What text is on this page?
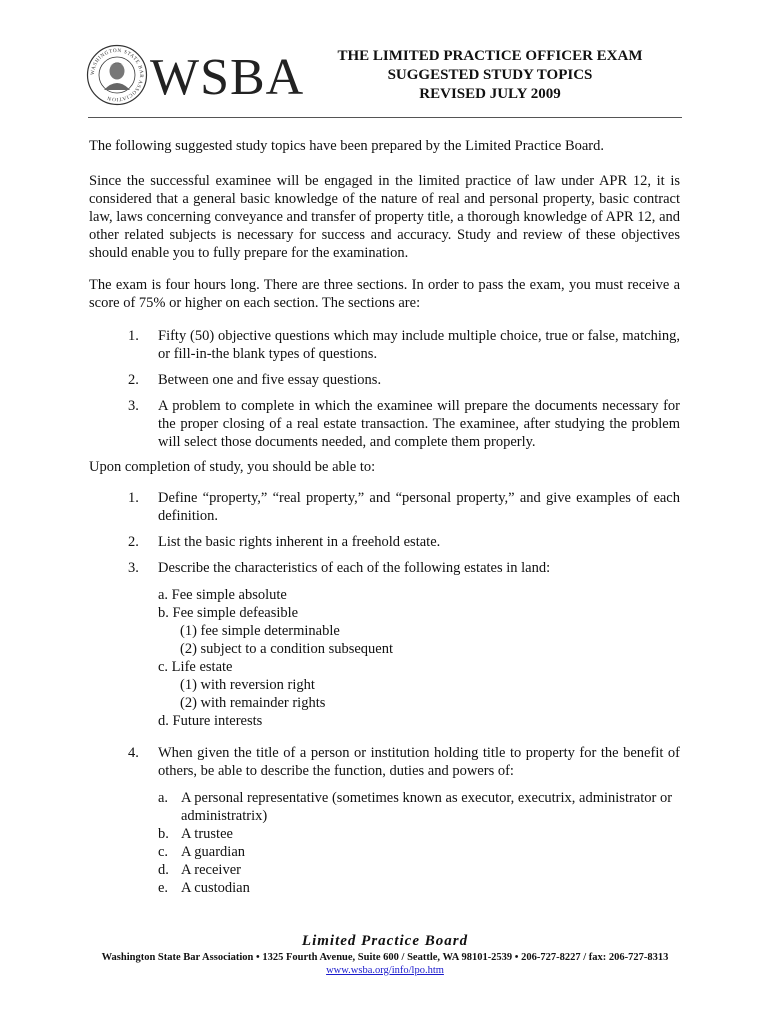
WASHINGTON STATE BAR ASSOCIATION WSBA	THE LIMITED PRACTICE OFFICER EXAM
SUGGESTED STUDY TOPICS
REVISED JULY 2009
The following suggested study topics have been prepared by the Limited Practice Board.
Since the successful examinee will be engaged in the limited practice of law under APR 12, it is considered that a general basic knowledge of the nature of real and personal property, basic contract law, laws concerning conveyance and transfer of property title, a thorough knowledge of APR 12, and other related subjects is necessary for success and accuracy. Study and review of these objectives should enable you to fully prepare for the examination.
The exam is four hours long. There are three sections. In order to pass the exam, you must receive a score of 75% or higher on each section. The sections are:
1. Fifty (50) objective questions which may include multiple choice, true or false, matching, or fill-in-the blank types of questions.
2. Between one and five essay questions.
3. A problem to complete in which the examinee will prepare the documents necessary for the proper closing of a real estate transaction. The examinee, after studying the problem will select those documents needed, and complete them properly.
Upon completion of study, you should be able to:
1. Define “property,” “real property,” and “personal property,” and give examples of each definition.
2. List the basic rights inherent in a freehold estate.
3. Describe the characteristics of each of the following estates in land:
a. Fee simple absolute
b. Fee simple defeasible
(1) fee simple determinable
(2) subject to a condition subsequent
c. Life estate
(1) with reversion right
(2) with remainder rights
d. Future interests
4. When given the title of a person or institution holding title to property for the benefit of others, be able to describe the function, duties and powers of:
a. A personal representative (sometimes known as executor, executrix, administrator or administratrix)
b. A trustee
c. A guardian
d. A receiver
e. A custodian
Limited Practice Board
Washington State Bar Association • 1325 Fourth Avenue, Suite 600 / Seattle, WA 98101-2539 • 206-727-8227 / fax: 206-727-8313
www.wsba.org/info/lpo.htm
